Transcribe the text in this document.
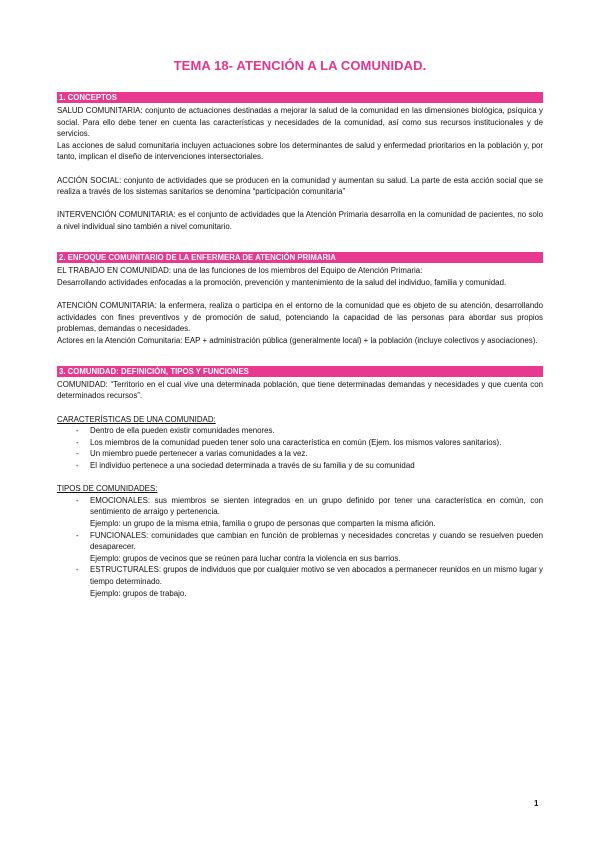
TEMA 18- ATENCIÓN A LA COMUNIDAD.
1. CONCEPTOS

SALUD COMUNITARIA: conjunto de actuaciones destinadas a mejorar la salud de la comunidad en las dimensiones biológica, psíquica y social. Para ello debe tener en cuenta las características y necesidades de la comunidad, así como sus recursos institucionales y de servicios.

Las acciones de salud comunitaria incluyen actuaciones sobre los determinantes de salud y enfermedad prioritarios en la población y, por tanto, implican el diseño de intervenciones intersectoriales.

ACCIÓN SOCIAL: conjunto de actividades que se producen en la comunidad y aumentan su salud. La parte de esta acción social que se realiza a través de los sistemas sanitarios se denomina “participación comunitaria”

INTERVENCIÓN COMUNITARIA: es el conjunto de actividades que la Atención Primaria desarrolla en la comunidad de pacientes, no solo a nivel individual sino también a nivel comunitario.

2. ENFOQUE COMUNITARIO DE LA ENFERMERA DE ATENCIÓN PRIMARIA

EL TRABAJO EN COMUNIDAD: una de las funciones de los miembros del Equipo de Atención Primaria:

Desarrollando actividades enfocadas a la promoción, prevención y mantenimiento de la salud del individuo, familia y comunidad.

ATENCIÓN COMUNITARIA: la enfermera, realiza o participa en el entorno de la comunidad que es objeto de su atención, desarrollando actividades con fines preventivos y de promoción de salud, potenciando la capacidad de las personas para abordar sus propios problemas, demandas o necesidades.

Actores en la Atención Comunitaria: EAP + administración pública (generalmente local) + la población (incluye colectivos y asociaciones).

3. COMUNIDAD: DEFINICIÓN, TIPOS Y FUNCIONES

COMUNIDAD: “Territorio en el cual vive una determinada población, que tiene determinadas demandas y necesidades y que cuenta con determinados recursos”.

CARACTERÍSTICAS DE UNA COMUNIDAD:

- Dentro de ella pueden existir comunidades menores.
- Los miembros de la comunidad pueden tener solo una característica en común (Ejem. los mismos valores sanitarios).
- Un miembro puede pertenecer a varias comunidades a la vez.
- El individuo pertenece a una sociedad determinada a través de su familia y de su comunidad

TIPOS DE COMUNIDADES:

- EMOCIONALES: sus miembros se sienten integrados en un grupo definido por tener una característica en común, con sentimiento de arraigo y pertenencia.
Ejemplo: un grupo de la misma etnia, familia o grupo de personas que comparten la misma afición.
- FUNCIONALES: comunidades que cambian en función de problemas y necesidades concretas y cuando se resuelven pueden desaparecer.
Ejemplo: grupos de vecinos que se reúnen para luchar contra la violencia en sus barrios.
- ESTRUCTURALES: grupos de individuos que por cualquier motivo se ven abocados a permanecer reunidos en un mismo lugar y tiempo determinado.
Ejemplo: grupos de trabajo.
1
